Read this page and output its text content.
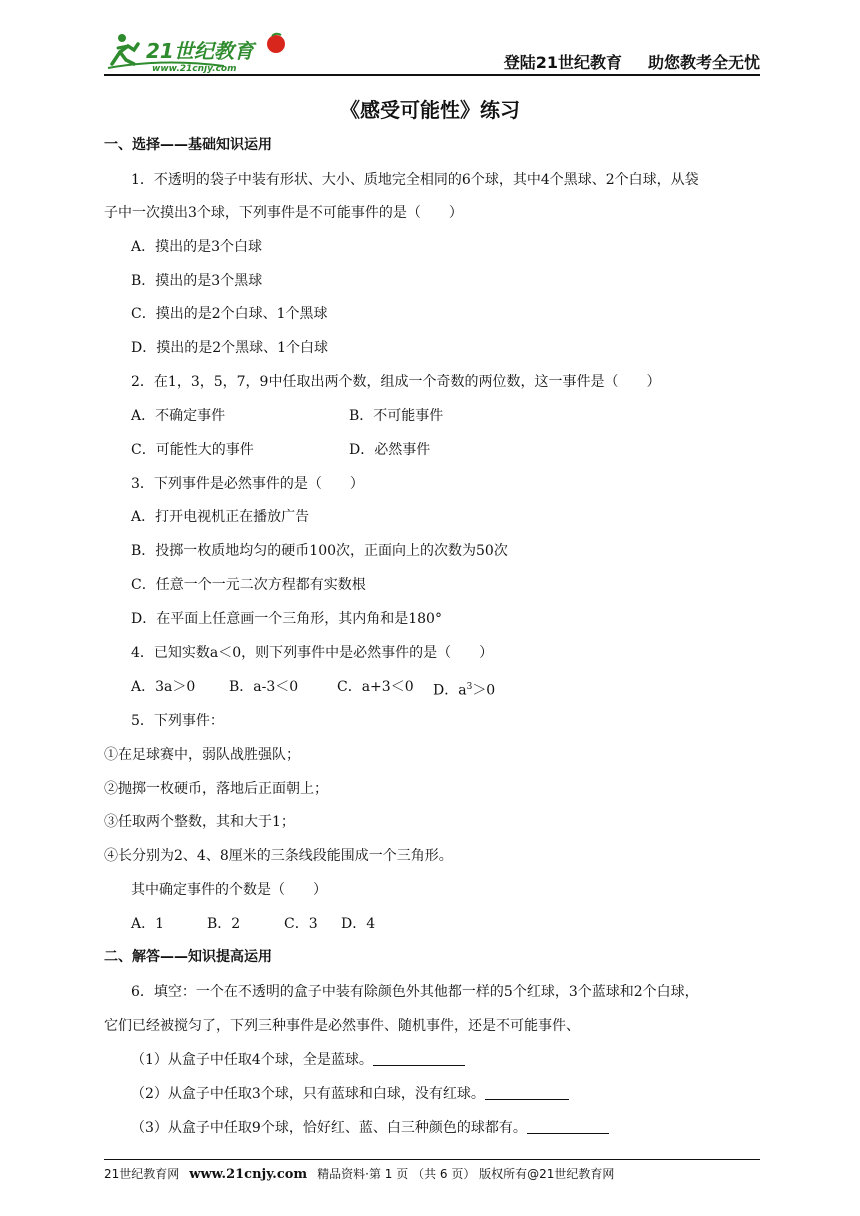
21世纪教育
www.21cnjy.com	登陆21世纪教育 助您教考全无忧
《感受可能性》练习
一、选择——基础知识运用
1．不透明的袋子中装有形状、大小、质地完全相同的6个球，其中4个黑球、2个白球，从袋
子中一次摸出3个球，下列事件是不可能事件的是（　　）
A．摸出的是3个白球
B．摸出的是3个黑球
C．摸出的是2个白球、1个黑球
D．摸出的是2个黑球、1个白球
2．在1，3，5，7，9中任取出两个数，组成一个奇数的两位数，这一事件是（　　）
A．不确定事件	B．不可能事件
C．可能性大的事件	D．必然事件
3．下列事件是必然事件的是（　　）
A．打开电视机正在播放广告
B．投掷一枚质地均匀的硬币100次，正面向上的次数为50次
C．任意一个一元二次方程都有实数根
D．在平面上任意画一个三角形，其内角和是180°
4．已知实数a＜0，则下列事件中是必然事件的是（　　）
A．3a＞0 B．a-3＜0	C．a+3＜0 D．$a^3>0$
5．下列事件：
①在足球赛中，弱队战胜强队；
②抛掷一枚硬币，落地后正面朝上；
③任取两个整数，其和大于1；
④长分别为2、4、8厘米的三条线段能围成一个三角形。
其中确定事件的个数是（　　）
A．1	B．2	C．3 D．4
二、解答——知识提高运用
6．填空：一个在不透明的盒子中装有除颜色外其他都一样的5个红球，3个蓝球和2个白球，
它们已经被搅匀了，下列三种事件是必然事件、随机事件，还是不可能事件、
（1）从盒子中任取4个球，全是蓝球。
（2）从盒子中任取3个球，只有蓝球和白球，没有红球。
（3）从盒子中任取9个球，恰好红、蓝、白三种颜色的球都有。
21世纪教育网 www.21cnjy.com 精品资料·第 1 页 （共 6 页） 版权所有@21世纪教育网
